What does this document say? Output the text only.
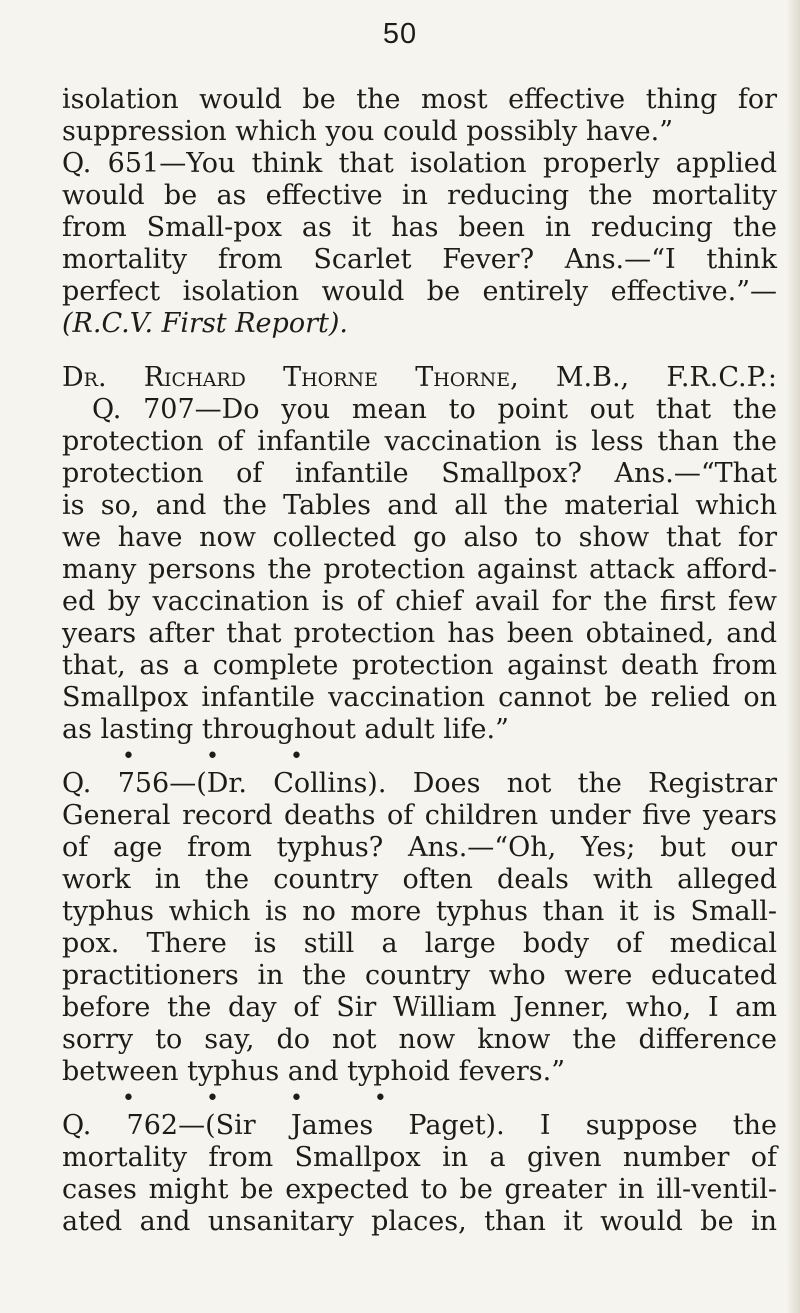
50
isolation would be the most effective thing for
suppression which you could possibly have.”
Q. 651—You think that isolation properly applied
would be as effective in reducing the mortality
from Small-pox as it has been in reducing the
mortality from Scarlet Fever? Ans.—“I think
perfect isolation would be entirely effective.”—
(R.C.V. First Report).
Dr. Richard Thorne Thorne, M.B., F.R.C.P.:
Q. 707—Do you mean to point out that the
protection of infantile vaccination is less than the
protection of infantile Smallpox? Ans.—“That
is so, and the Tables and all the material which
we have now collected go also to show that for
many persons the protection against attack afford-
ed by vaccination is of chief avail for the first few
years after that protection has been obtained, and
that, as a complete protection against death from
Smallpox infantile vaccination cannot be relied on
as lasting throughout adult life.”
• • •
Q. 756—(Dr. Collins). Does not the Registrar
General record deaths of children under five years
of age from typhus? Ans.—“Oh, Yes; but our
work in the country often deals with alleged
typhus which is no more typhus than it is Small-
pox. There is still a large body of medical
practitioners in the country who were educated
before the day of Sir William Jenner, who, I am
sorry to say, do not now know the difference
between typhus and typhoid fevers.”
• • • •
Q. 762—(Sir James Paget). I suppose the
mortality from Smallpox in a given number of
cases might be expected to be greater in ill-ventil-
ated and unsanitary places, than it would be in
